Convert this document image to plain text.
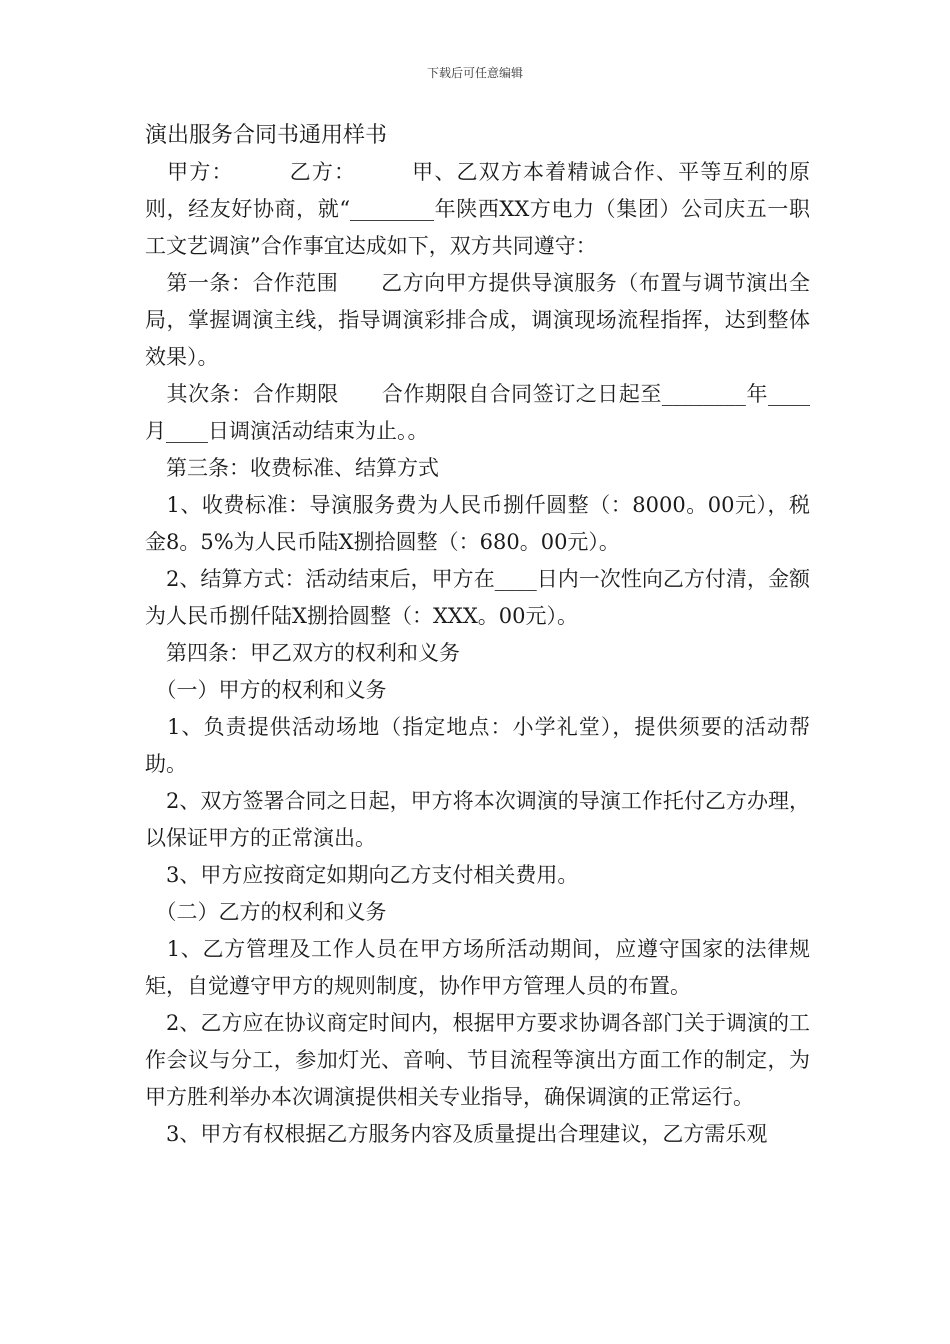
下载后可任意编辑

演出服务合同书通用样书

　甲方：　　　乙方：　　　甲、乙双方本着精诚合作、平等互利的原则，经友好协商，就“________年陕西XX方电力（集团）公司庆五一职工文艺调演”合作事宜达成如下，双方共同遵守：

　第一条：合作范围　　乙方向甲方提供导演服务（布置与调节演出全局，掌握调演主线，指导调演彩排合成，调演现场流程指挥，达到整体效果）。

　其次条：合作期限　　合作期限自合同签订之日起至________年____月____日调演活动结束为止。。

　第三条：收费标准、结算方式

　1、收费标准：导演服务费为人民币捌仟圆整（：8000。00元），税金8。5%为人民币陆X捌拾圆整（：680。00元）。

　2、结算方式：活动结束后，甲方在____日内一次性向乙方付清，金额为人民币捌仟陆X捌拾圆整（：XXX。00元）。

　第四条：甲乙双方的权利和义务

　（一）甲方的权利和义务

　1、负责提供活动场地（指定地点：小学礼堂），提供须要的活动帮助。

　2、双方签署合同之日起，甲方将本次调演的导演工作托付乙方办理，以保证甲方的正常演出。

　3、甲方应按商定如期向乙方支付相关费用。

　（二）乙方的权利和义务

　1、乙方管理及工作人员在甲方场所活动期间，应遵守国家的法律规矩，自觉遵守甲方的规则制度，协作甲方管理人员的布置。

　2、乙方应在协议商定时间内，根据甲方要求协调各部门关于调演的工作会议与分工，参加灯光、音响、节目流程等演出方面工作的制定，为甲方胜利举办本次调演提供相关专业指导，确保调演的正常运行。

　3、甲方有权根据乙方服务内容及质量提出合理建议，乙方需乐观
